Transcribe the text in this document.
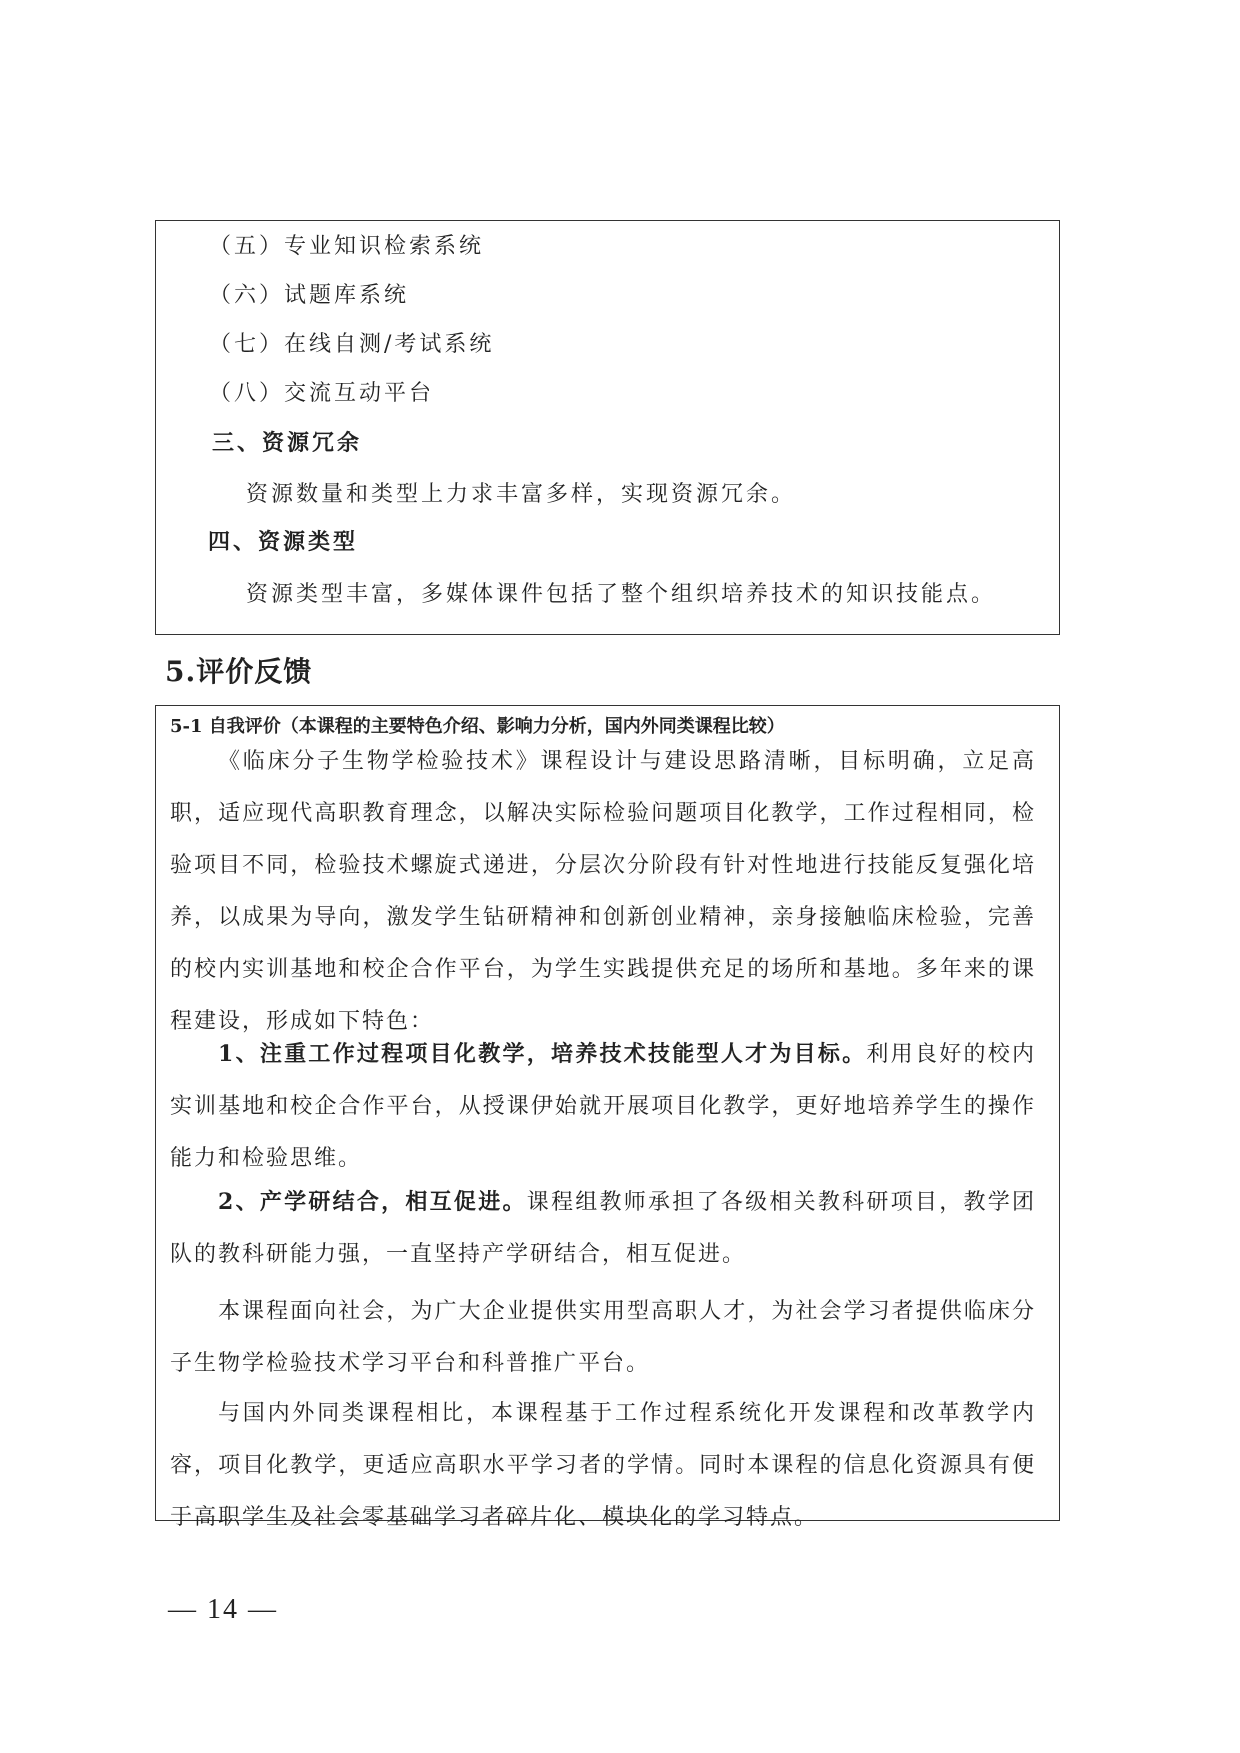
（五）专业知识检索系统
（六）试题库系统
（七）在线自测/考试系统
（八）交流互动平台
三、资源冗余
资源数量和类型上力求丰富多样，实现资源冗余。
四、资源类型
资源类型丰富，多媒体课件包括了整个组织培养技术的知识技能点。
5.评价反馈
5-1 自我评价（本课程的主要特色介绍、影响力分析，国内外同类课程比较）

《临床分子生物学检验技术》课程设计与建设思路清晰，目标明确，立足高职，适应现代高职教育理念，以解决实际检验问题项目化教学，工作过程相同，检验项目不同，检验技术螺旋式递进，分层次分阶段有针对性地进行技能反复强化培养，以成果为导向，激发学生钻研精神和创新创业精神，亲身接触临床检验，完善的校内实训基地和校企合作平台，为学生实践提供充足的场所和基地。多年来的课程建设，形成如下特色：

1、注重工作过程项目化教学，培养技术技能型人才为目标。利用良好的校内实训基地和校企合作平台，从授课伊始就开展项目化教学，更好地培养学生的操作能力和检验思维。

2、产学研结合，相互促进。课程组教师承担了各级相关教科研项目，教学团队的教科研能力强，一直坚持产学研结合，相互促进。

本课程面向社会，为广大企业提供实用型高职人才，为社会学习者提供临床分子生物学检验技术学习平台和科普推广平台。

与国内外同类课程相比，本课程基于工作过程系统化开发课程和改革教学内容，项目化教学，更适应高职水平学习者的学情。同时本课程的信息化资源具有便于高职学生及社会零基础学习者碎片化、模块化的学习特点。

— 14 —
